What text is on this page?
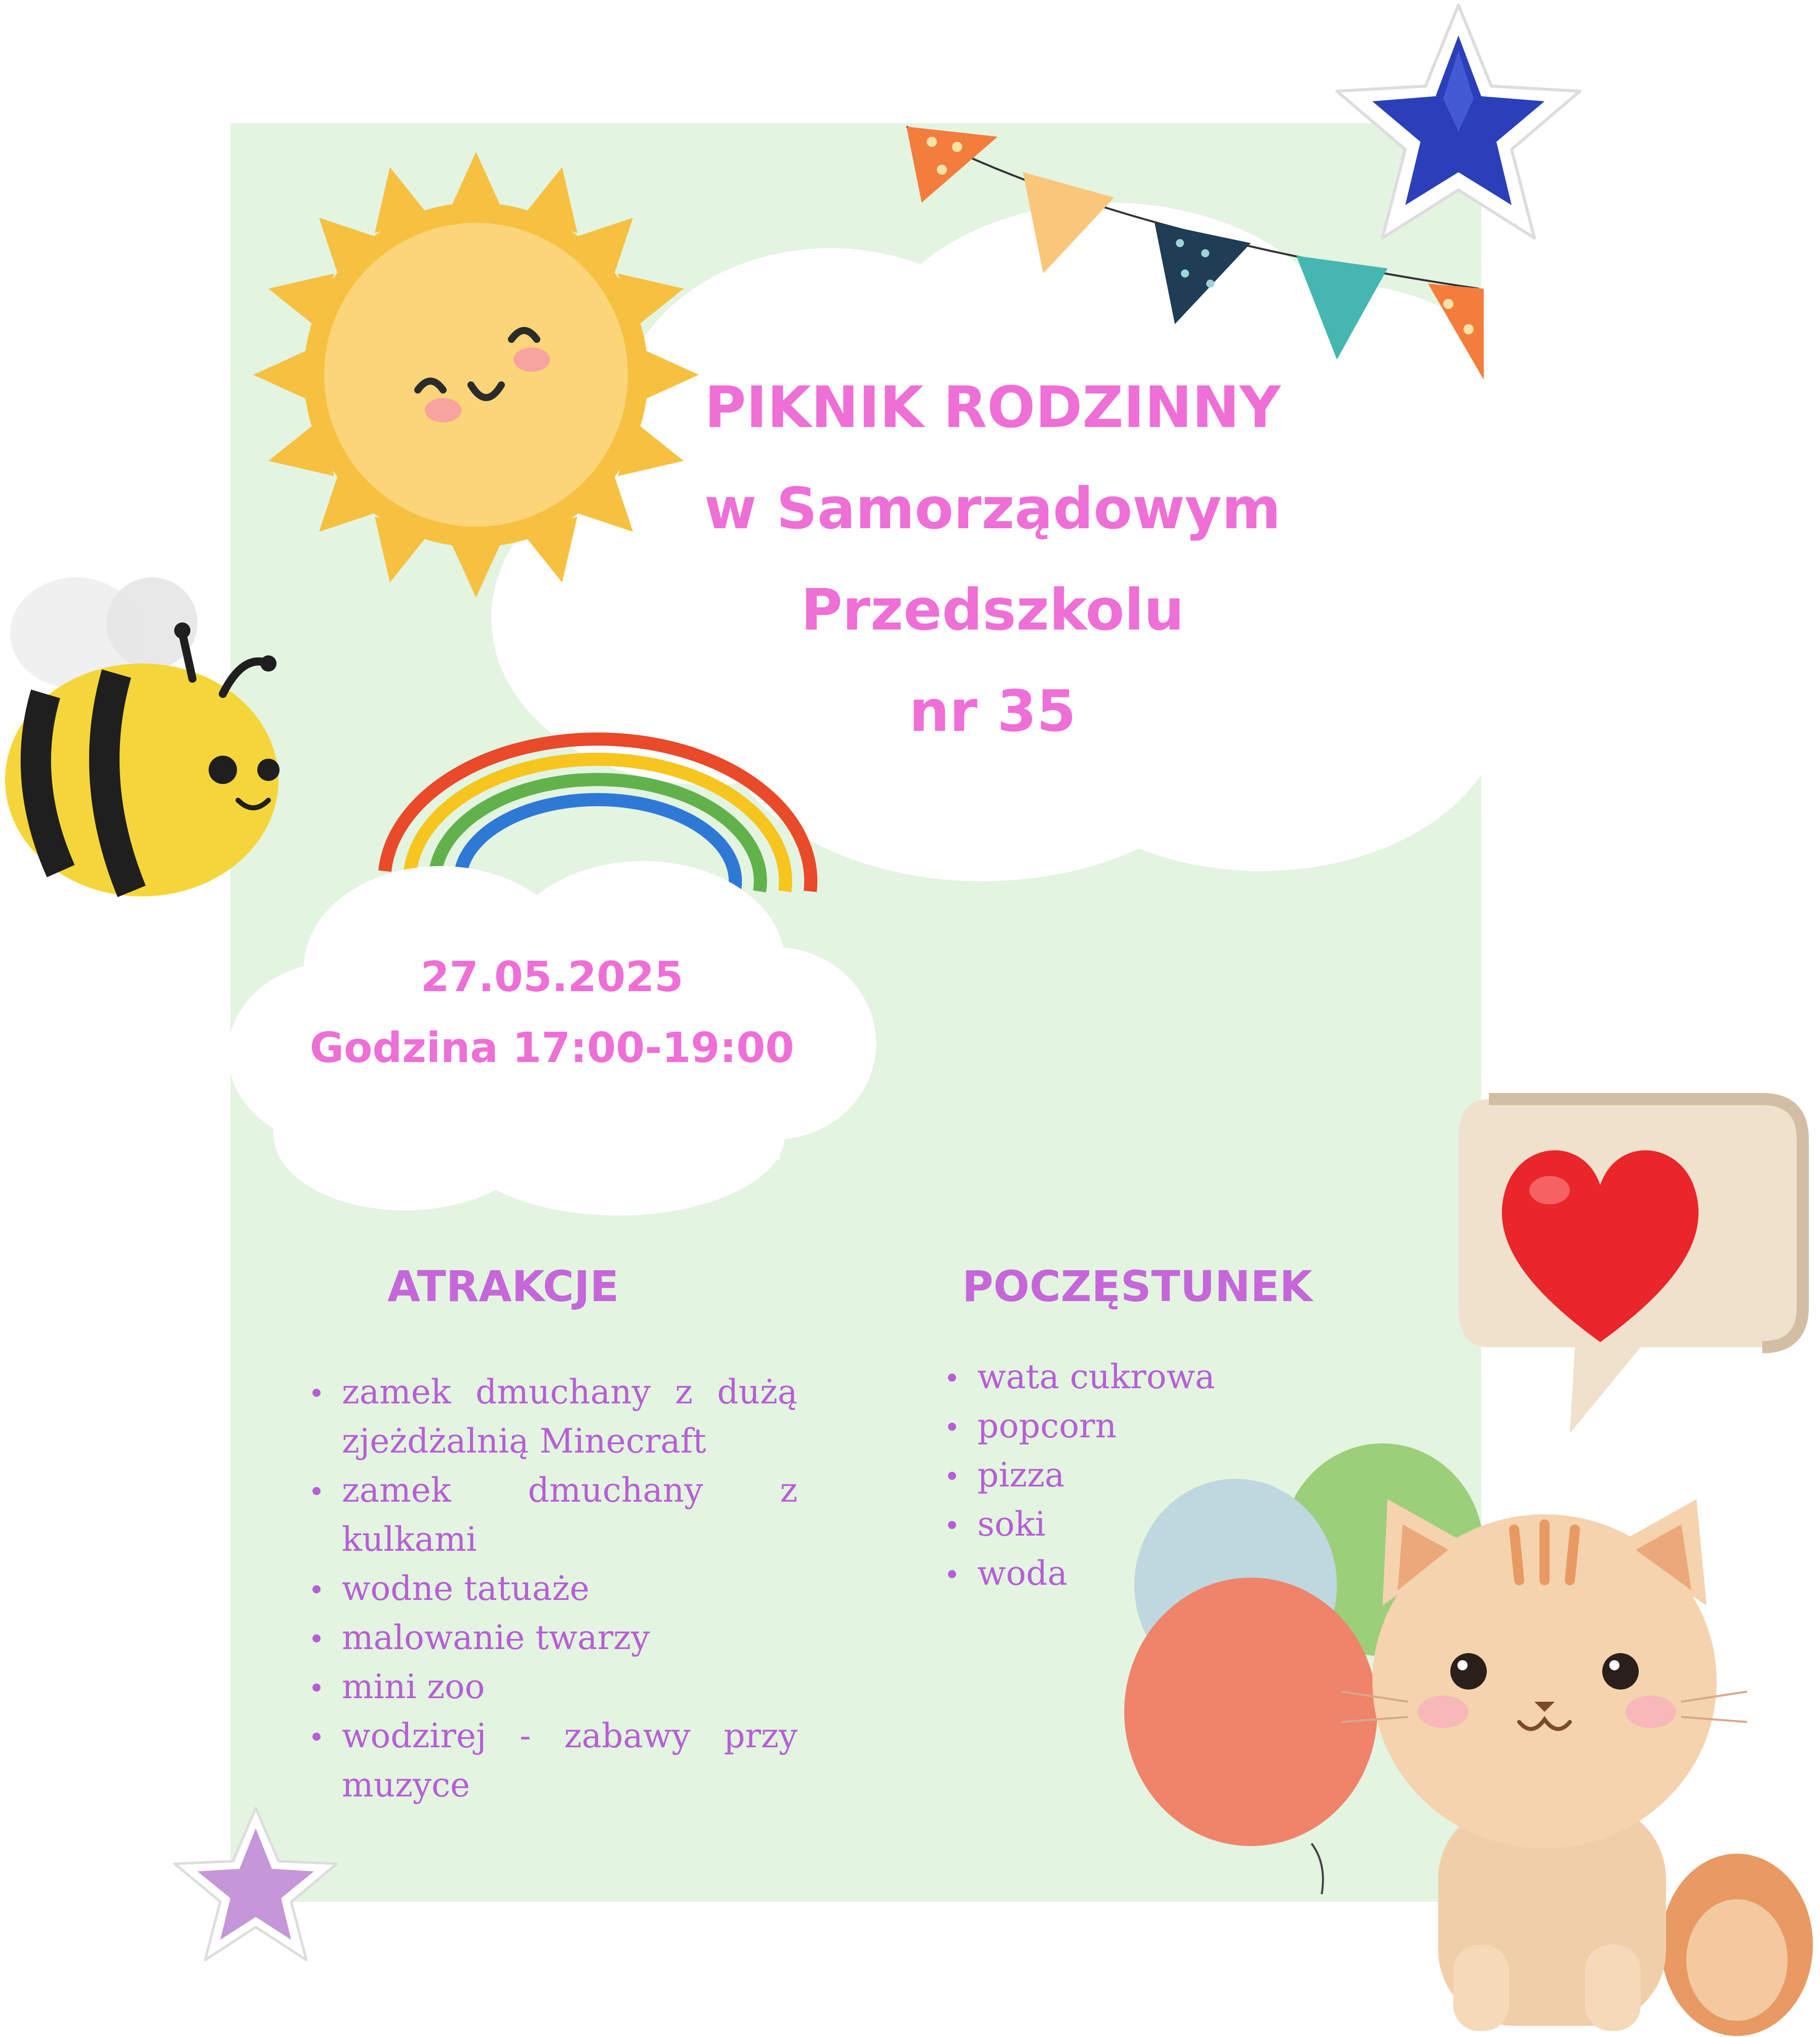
PIKNIK RODZINNY
w Samorządowym
Przedszkolu
nr 35
27.05.2025
Godzina 17:00-19:00
ATRAKCJE
zamek dmuchany z dużą zjeżdżalnią Minecraft
zamek dmuchany z kulkami
wodne tatuaże
malowanie twarzy
mini zoo
wodzirej - zabawy przy muzyce
POCZĘSTUNEK
wata cukrowa
popcorn
pizza
soki
woda
